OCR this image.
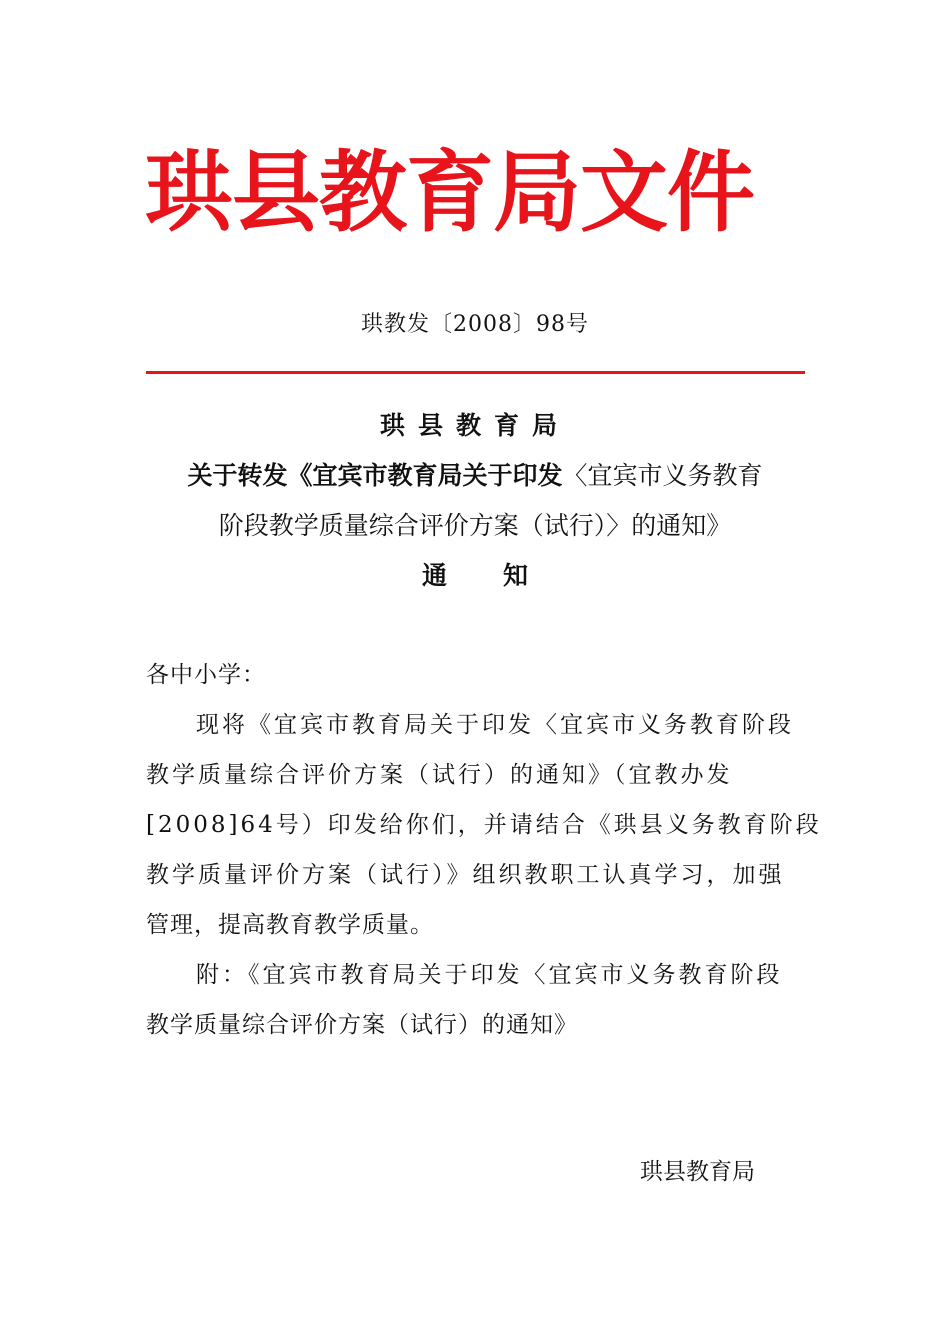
珙县教育局文件
珙教发〔2008〕98号
珙县教育局
关于转发《宜宾市教育局关于印发〈宜宾市义务教育
阶段教学质量综合评价方案（试行）〉的通知》
通知
各中小学：
现将《宜宾市教育局关于印发〈宜宾市义务教育阶段
教学质量综合评价方案（试行）的通知》（宜教办发
[2008]64号）印发给你们，并请结合《珙县义务教育阶段
教学质量评价方案（试行）》组织教职工认真学习，加强
管理，提高教育教学质量。
附：《宜宾市教育局关于印发〈宜宾市义务教育阶段
教学质量综合评价方案（试行）的通知》
珙县教育局
